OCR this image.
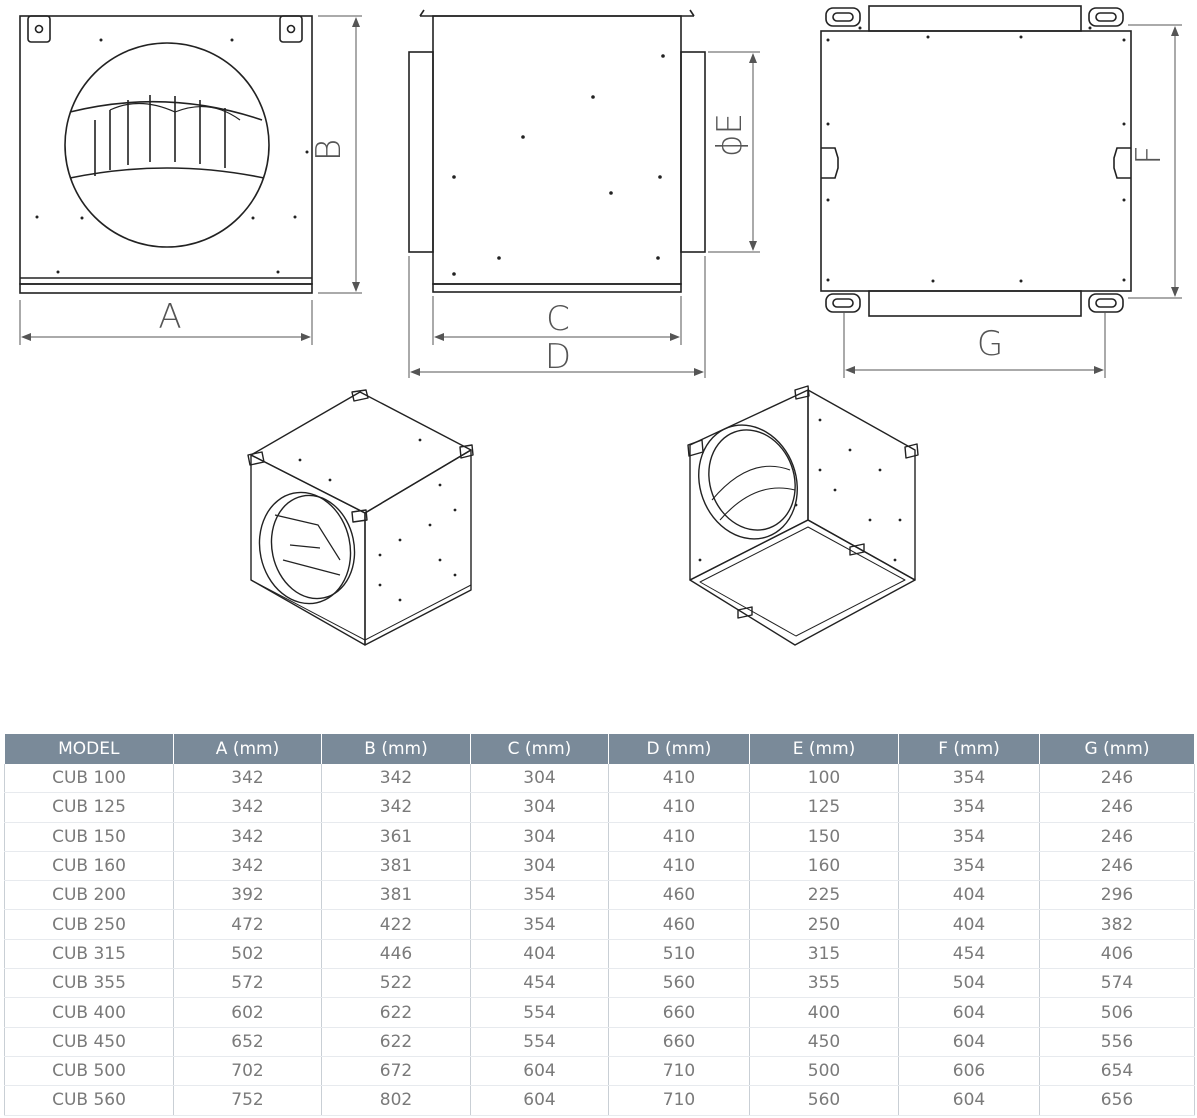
A
B
C
D
ϕE	F
G
MODEL	A (mm)	B (mm)	C (mm)	D (mm)	E (mm)	F (mm)	G (mm)
CUB 100	342	342	304	410	100	354	246
CUB 125	342	342	304	410	125	354	246
CUB 150	342	361	304	410	150	354	246
CUB 160	342	381	304	410	160	354	246
CUB 200	392	381	354	460	225	404	296
CUB 250	472	422	354	460	250	404	382
CUB 315	502	446	404	510	315	454	406
CUB 355	572	522	454	560	355	504	574
CUB 400	602	622	554	660	400	604	506
CUB 450	652	622	554	660	450	604	556
CUB 500	702	672	604	710	500	606	654
CUB 560	752	802	604	710	560	604	656
